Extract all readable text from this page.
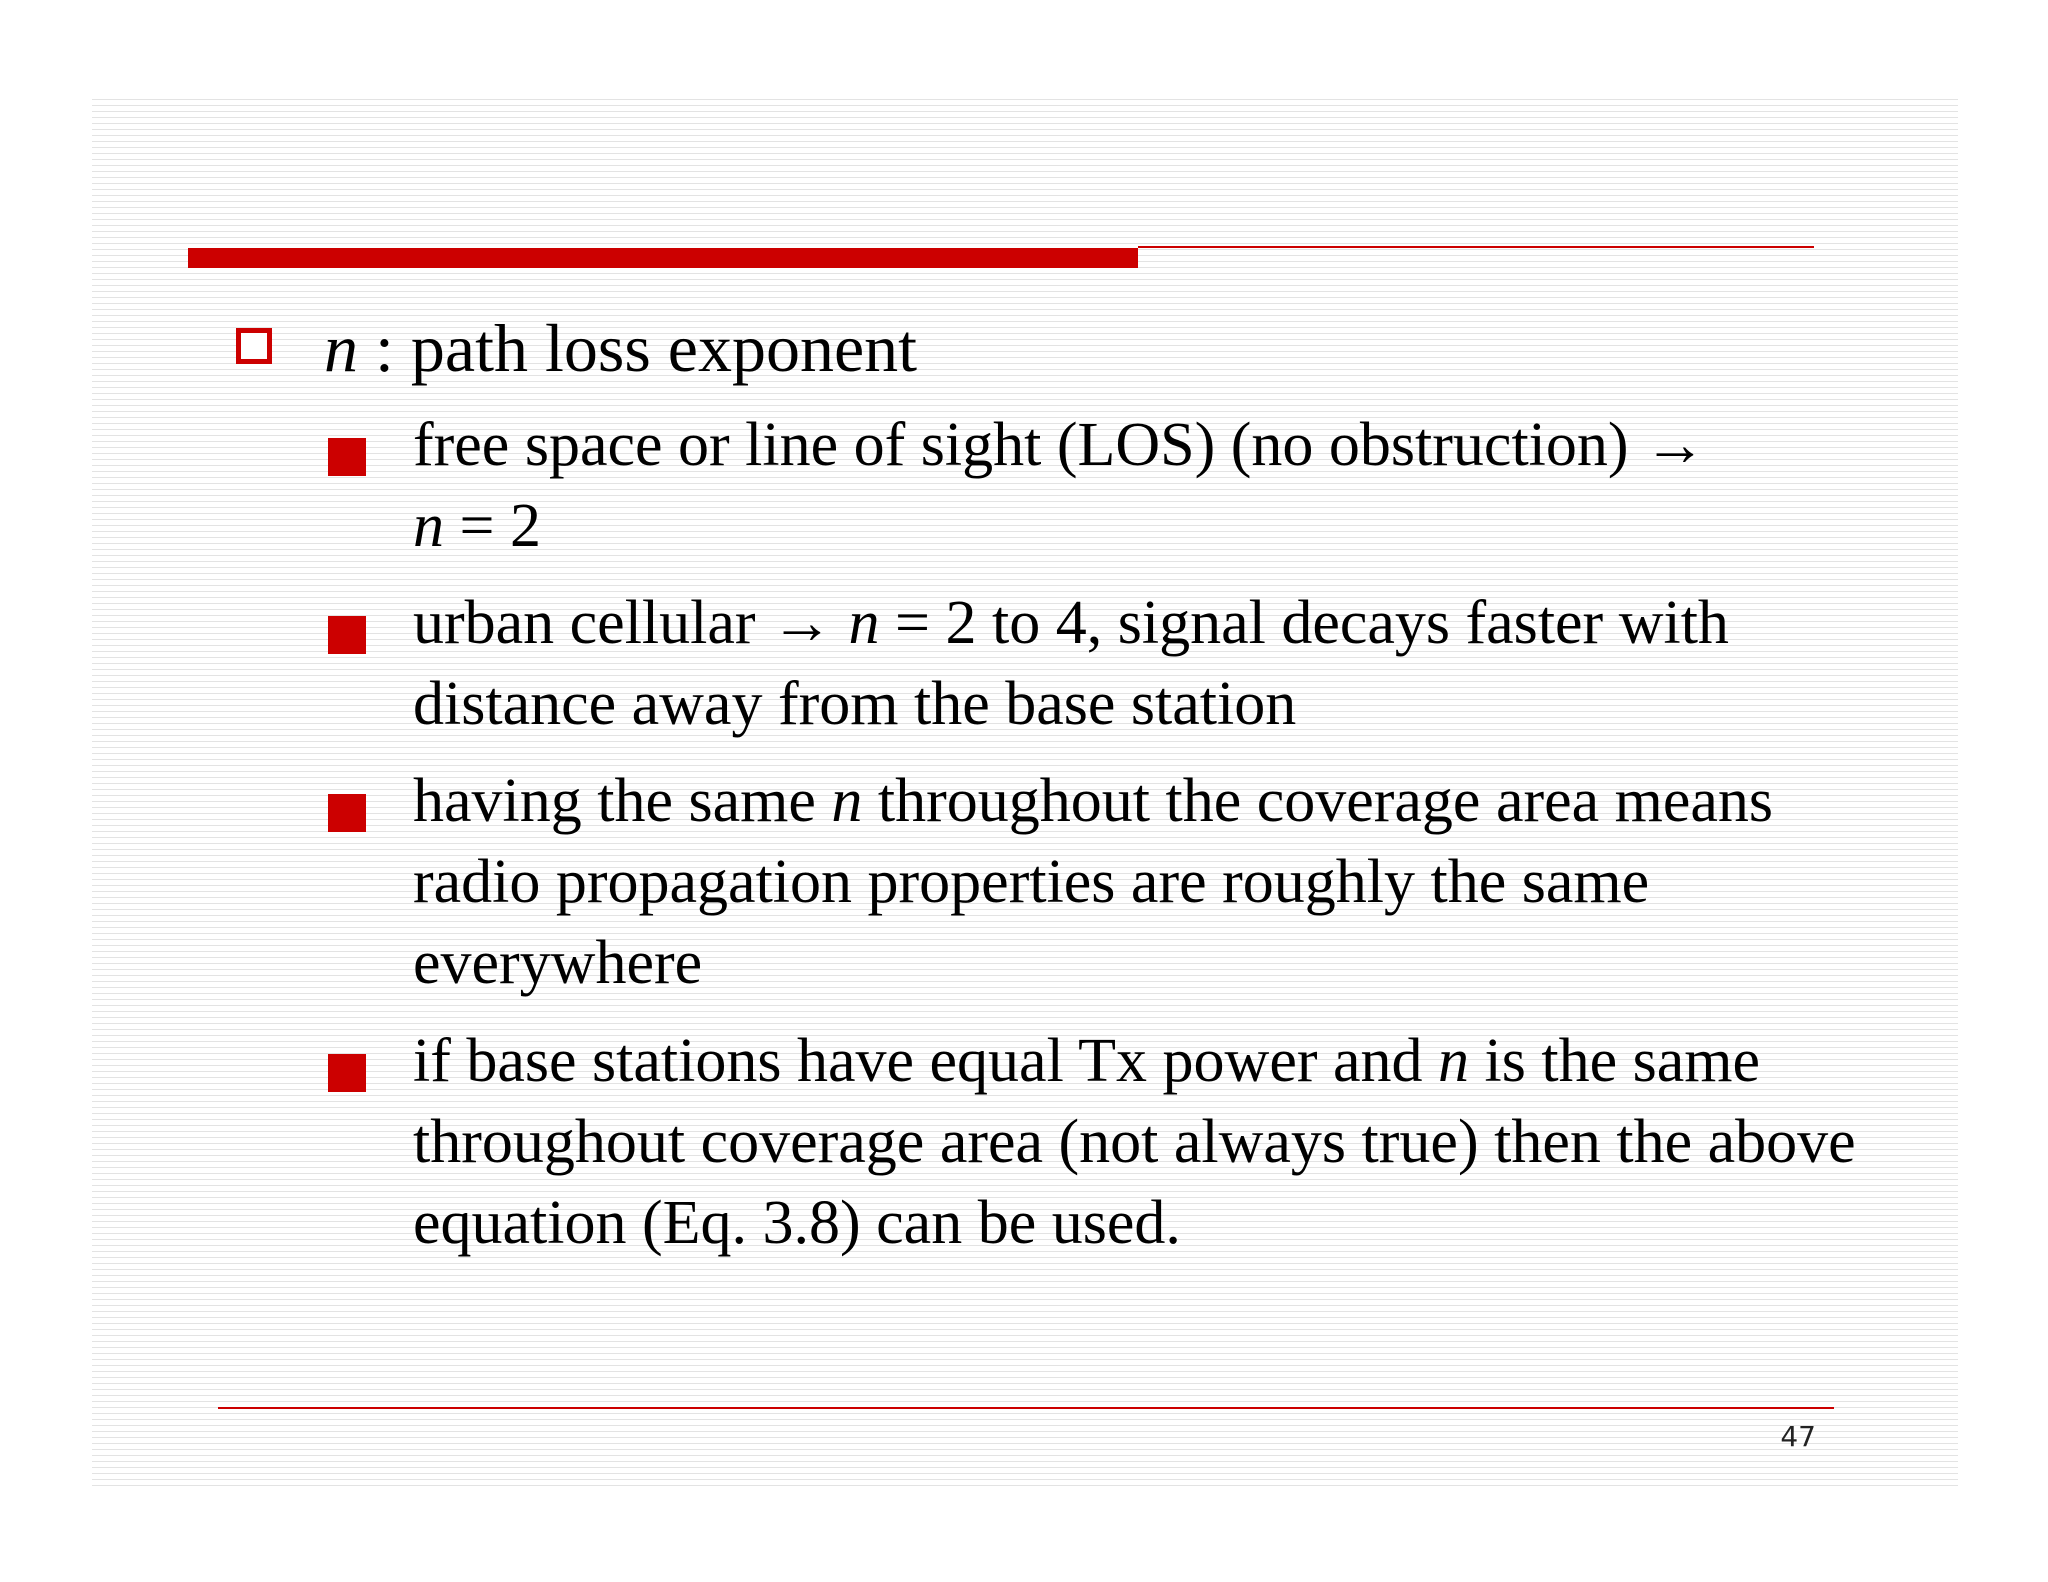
n : path loss exponent
free space or line of sight (LOS) (no obstruction) →
n = 2
urban cellular → n = 2 to 4, signal decays faster with distance away from the base station
having the same n throughout the coverage area means radio propagation properties are roughly the same everywhere
if base stations have equal Tx power and n is the same throughout coverage area (not always true) then the above equation (Eq. 3.8) can be used.
47
